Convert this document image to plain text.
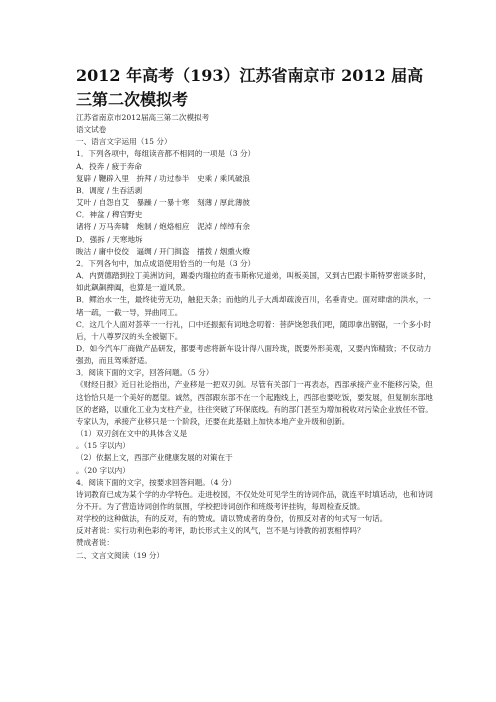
2012 年高考（193）江苏省南京市 2012 届高三第二次模拟考
江苏省南京市2012届高三第二次模拟考
语文试卷
一、语言文字运用（15 分）
1．下列各项中，每组读音都不相同的一项是（3 分）
A．投奔 / 疲于奔命
复辟 / 鞭辟入里　拚拜 / 功过参半　史乘 / 乘风破浪
B．调度 / 生吞活剥
艾叶 / 自怨自艾　暴躁 / 一暴十寒　刻薄 / 厚此薄彼
C．神盆 / 稗官野史
诸将 / 万马奔啸　炮制 / 炮烙相应　泥淖 / 绰绰有余
D．强拆 / 天寒地坼
睃沽 / 庸中佼佼　逼绸 / 开门揖盗　擂拨 / 烟熏火燎
2．下列各句中，加点成语使用恰当的一句是（3 分）
A．内贾德踏到拉丁美洲访问，踢委内瑞拉的查韦斯称兄道弟，叫板美国，又到古巴跟卡斯特罗密谈多时，如此飙飙捭阖，也算是一道风景。
B．鳏治水一生，最终徒劳无功，触犯天条；而他的儿子大禹却疏浚百川，名垂青史。面对肆虐的洪水，一堵一疏，一截一导，异曲同工。
C．这几个人面对荟萃一一行礼，口中还振振有词地念叨着：菩萨饶恕我们吧，随即拿出钢锯，一个多小时后，十八尊罗汉的头全被锯下。
D．如今汽车厂商做产品研发，都要考虑将新车设计得八面玲珑，既要外形美观，又要内饰精致；不仅动力强劲，而且驾乘舒适。
3．阅读下面的文字，回答问题。（5 分）
《财经日报》近日社论指出，产业移是一把双刃剑。尽管有关部门一再表态，西部承接产业不能移污染，但这恰恰只是一个美好的愿望。诚然，西部跟东部不在一个起跑线上，西部也要吃饭，要发展，但复制东部地区的老路，以重化工业为支柱产业，往往突破了环保底线。有的部门甚至为增加税收对污染企业放任不管。专家认为，承接产业移只是一个阶段，还要在此基础上加快本地产业升级和创新。
（1）双刃剑在文中的具体含义是
。（15 字以内）
（2）依据上文，西部产业健康发展的对策在于
。（20 字以内）
4．阅读下面的文字，按要求回答问题。（4 分）
诗词教育已成为某个学的办学特色。走进校园，不仅处处可见学生的诗词作品，就连平时填话动，也和诗词分不开。为了营造诗词创作的氛围，学校把诗词创作和班级考评挂钩，每周检查反馈。
对学校的这种做法，有的反对，有的赞成。请以赞成者的身份，仿照反对者的句式写一句话。
反对者说：实行功利色彩的考评，助长形式主义的风气，岂不是与诗教的初衷相悖吗？
赞成者说：
二、文言文阅读（19 分）
